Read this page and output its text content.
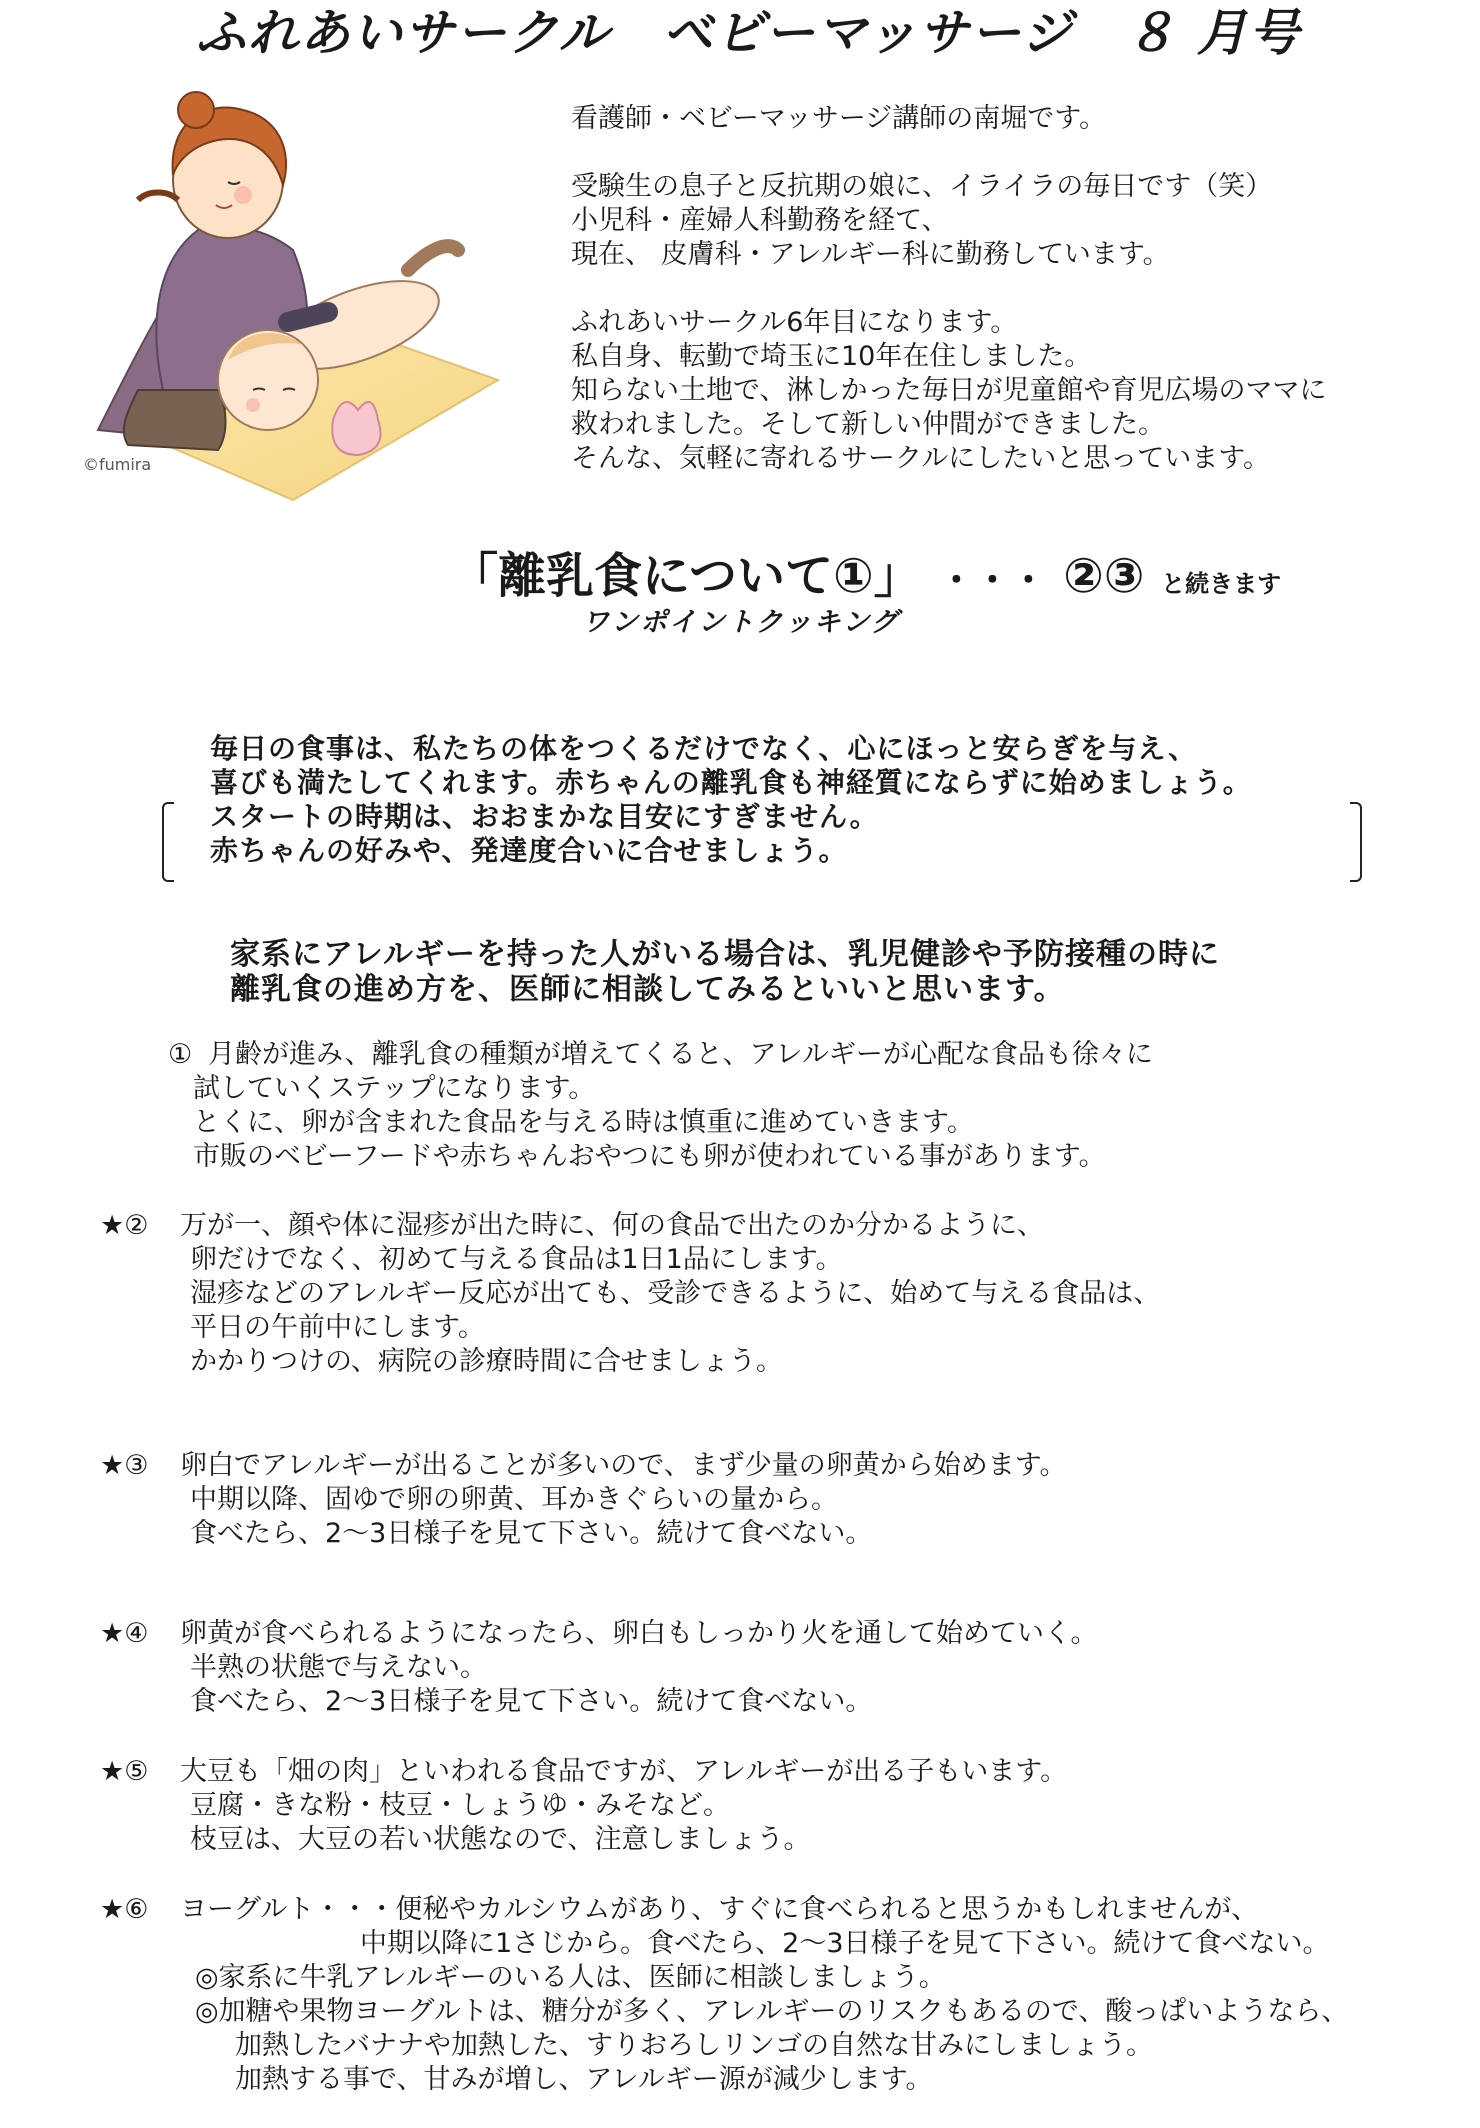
ふれあいサークル　ベビーマッサージ　８ 月号
©fumira
看護師・ベビーマッサージ講師の南堀です。
受験生の息子と反抗期の娘に、イライラの毎日です（笑）
小児科・産婦人科勤務を経て、
現在、 皮膚科・アレルギー科に勤務しています。
ふれあいサークル6年目になります。
私自身、転勤で埼玉に10年在住しました。
知らない土地で、淋しかった毎日が児童館や育児広場のママに
救われました。そして新しい仲間ができました。
そんな、気軽に寄れるサークルにしたいと思っています。
「離乳食について①」 ・・・ ②③ と続きます
ワンポイントクッキング
毎日の食事は、私たちの体をつくるだけでなく、心にほっと安らぎを与え、
喜びも満たしてくれます。赤ちゃんの離乳食も神経質にならずに始めましょう。
スタートの時期は、おおまかな目安にすぎません。
赤ちゃんの好みや、発達度合いに合せましょう。
家系にアレルギーを持った人がいる場合は、乳児健診や予防接種の時に
離乳食の進め方を、医師に相談してみるといいと思います。
① 月齢が進み、離乳食の種類が増えてくると、アレルギーが心配な食品も徐々に
試していくステップになります。
とくに、卵が含まれた食品を与える時は慎重に進めていきます。
市販のベビーフードや赤ちゃんおやつにも卵が使われている事があります。
★②	万が一、顔や体に湿疹が出た時に、何の食品で出たのか分かるように、
卵だけでなく、初めて与える食品は1日1品にします。
湿疹などのアレルギー反応が出ても、受診できるように、始めて与える食品は、
平日の午前中にします。
かかりつけの、病院の診療時間に合せましょう。
★③	卵白でアレルギーが出ることが多いので、まず少量の卵黄から始めます。
中期以降、固ゆで卵の卵黄、耳かきぐらいの量から。
食べたら、2～3日様子を見て下さい。続けて食べない。
★④	卵黄が食べられるようになったら、卵白もしっかり火を通して始めていく。
半熟の状態で与えない。
食べたら、2～3日様子を見て下さい。続けて食べない。
★⑤	大豆も「畑の肉」といわれる食品ですが、アレルギーが出る子もいます。
豆腐・きな粉・枝豆・しょうゆ・みそなど。
枝豆は、大豆の若い状態なので、注意しましょう。
★⑥	ヨーグルト・・・便秘やカルシウムがあり、すぐに食べられると思うかもしれませんが、
中期以降に1さじから。食べたら、2～3日様子を見て下さい。続けて食べない。
◎家系に牛乳アレルギーのいる人は、医師に相談しましょう。
◎加糖や果物ヨーグルトは、糖分が多く、アレルギーのリスクもあるので、酸っぱいようなら、
加熱したバナナや加熱した、すりおろしリンゴの自然な甘みにしましょう。
加熱する事で、甘みが増し、アレルギー源が減少します。
